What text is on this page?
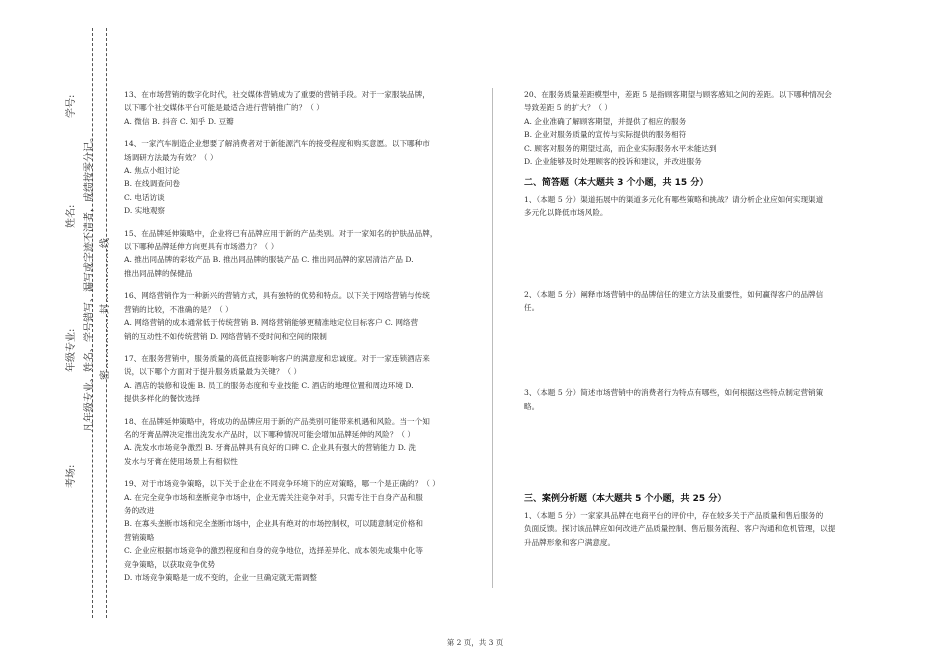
学号:
姓名:
年级专业:
考场:
凡年级专业、姓名、学号错写、漏写或字迹不清者，成绩按零分记。 密……………封……………线

13、在市场营销的数字化时代，社交媒体营销成为了重要的营销手段。对于一家服装品牌，

以下哪个社交媒体平台可能是最适合进行营销推广的？（ ）

A. 微信 B. 抖音 C. 知乎 D. 豆瓣

14、一家汽车制造企业想要了解消费者对于新能源汽车的接受程度和购买意愿。以下哪种市

场调研方法最为有效？（ ）

A. 焦点小组讨论

B. 在线调查问卷

C. 电话访谈

D. 实地观察

15、在品牌延伸策略中，企业将已有品牌应用于新的产品类别。对于一家知名的护肤品品牌，

以下哪种品牌延伸方向更具有市场潜力？（ ）

A. 推出同品牌的彩妆产品 B. 推出同品牌的服装产品 C. 推出同品牌的家居清洁产品 D.

推出同品牌的保健品

16、网络营销作为一种新兴的营销方式，具有独特的优势和特点。以下关于网络营销与传统

营销的比较，不准确的是？（ ）

A. 网络营销的成本通常低于传统营销 B. 网络营销能够更精准地定位目标客户 C. 网络营

销的互动性不如传统营销 D. 网络营销不受时间和空间的限制

17、在服务营销中，服务质量的高低直接影响客户的满意度和忠诚度。对于一家连锁酒店来

说，以下哪个方面对于提升服务质量最为关键？（ ）

A. 酒店的装修和设施 B. 员工的服务态度和专业技能 C. 酒店的地理位置和周边环境 D.

提供多样化的餐饮选择

18、在品牌延伸策略中，将成功的品牌应用于新的产品类别可能带来机遇和风险。当一个知

名的牙膏品牌决定推出洗发水产品时，以下哪种情况可能会增加品牌延伸的风险？（ ）

A. 洗发水市场竞争激烈 B. 牙膏品牌具有良好的口碑 C. 企业具有强大的营销能力 D. 洗

发水与牙膏在使用场景上有相似性

19、对于市场竞争策略，以下关于企业在不同竞争环境下的应对策略，哪一个是正确的？（ ）

A. 在完全竞争市场和垄断竞争市场中，企业无需关注竞争对手，只需专注于自身产品和服

务的改进

B. 在寡头垄断市场和完全垄断市场中，企业具有绝对的市场控制权，可以随意制定价格和

营销策略

C. 企业应根据市场竞争的激烈程度和自身的竞争地位，选择差异化、成本领先或集中化等

竞争策略，以获取竞争优势

D. 市场竞争策略是一成不变的，企业一旦确定就无需调整

20、在服务质量差距模型中，差距 5 是指顾客期望与顾客感知之间的差距。以下哪种情况会

导致差距 5 的扩大？（ ）

A. 企业准确了解顾客期望，并提供了相应的服务

B. 企业对服务质量的宣传与实际提供的服务相符

C. 顾客对服务的期望过高，而企业实际服务水平未能达到

D. 企业能够及时处理顾客的投诉和建议，并改进服务

二、简答题（本大题共 3 个小题，共 15 分）

1、（本题 5 分）渠道拓展中的渠道多元化有哪些策略和挑战？请分析企业应如何实现渠道

多元化以降低市场风险。

2、（本题 5 分）阐释市场营销中的品牌信任的建立方法及重要性，如何赢得客户的品牌信

任。

3、（本题 5 分）简述市场营销中的消费者行为特点有哪些，如何根据这些特点制定营销策

略。

三、案例分析题（本大题共 5 个小题，共 25 分）

1、（本题 5 分）一家家具品牌在电商平台的评价中，存在较多关于产品质量和售后服务的

负面反馈。探讨该品牌应如何改进产品质量控制、售后服务流程、客户沟通和危机管理，以提

升品牌形象和客户满意度。

第 2 页，共 3 页
